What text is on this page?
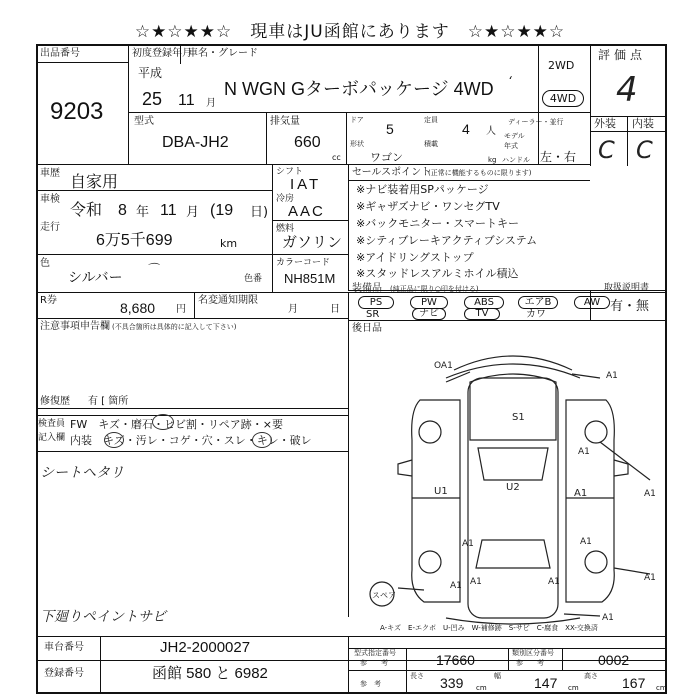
☆★☆★★☆　現車はJU函館にあります　☆★☆★★☆
出品番号
9203
初度登録年月
車名・グレード
平成
25 11 月
N WGN Gターボパッケージ 4WD ‘
2WD
4WD
型式
DBA-JH2
排気量
660
cc
ドア
5
定員
4 人
ディーラー・並行
モデル
年式
形状	積載
ワゴン	kg ハンドル 左・右
評価点
4
外装 内装
C C
車歴
自家用
車検
令和 8 年 11 月 (19 日)
走行
6万5千699	km
シフト
IAT
冷房
AAC
燃料
ガソリン
色
シルバー
⌒	カラーコード
色番 NH851M
セールスポイント
(正常に機能するものに限ります)
※ナビ装着用SPパッケージ
※ギャザズナビ・ワンセグTV
※バックモニター・スマートキー
※シティブレーキアクティブシステム
※アイドリングストップ
※スタッドレスアルミホイル積込
装備品 (純正品に限り○印を付ける)
PS	PW	ABS	エアB	AW
SR	ナビ	TV	カワ
取扱説明書
有・無
R券	8,680 円
名変通知期限
月	日
注意事項申告欄 (不具合箇所は具体的に記入して下さい)
修復歴 有 [ 箇所
後日品
検査員
記入欄
FW　キズ・磨石・ヒビ割・リペア跡・×要
内装　キズ・汚レ・コゲ・穴・スレ・キレ・破レ
シートヘタリ
下廻りペイントサビ
OA1
A1
S1
A1
U1	U2
A1	A1
A1	A1
A1
A1	A1
A1
A1
スペア
A-キズ　E-エクボ　U-凹み　W-補修跡　S-サビ　C-腐食　XX-交換済
車台番号	JH2-2000027
登録番号	函館 580 と 6982
型式指定番号
参　　考	17660	類別区分番号
参　　考	0002
参　考
長さ 339 cm
幅 147 cm
高さ 167 cm
